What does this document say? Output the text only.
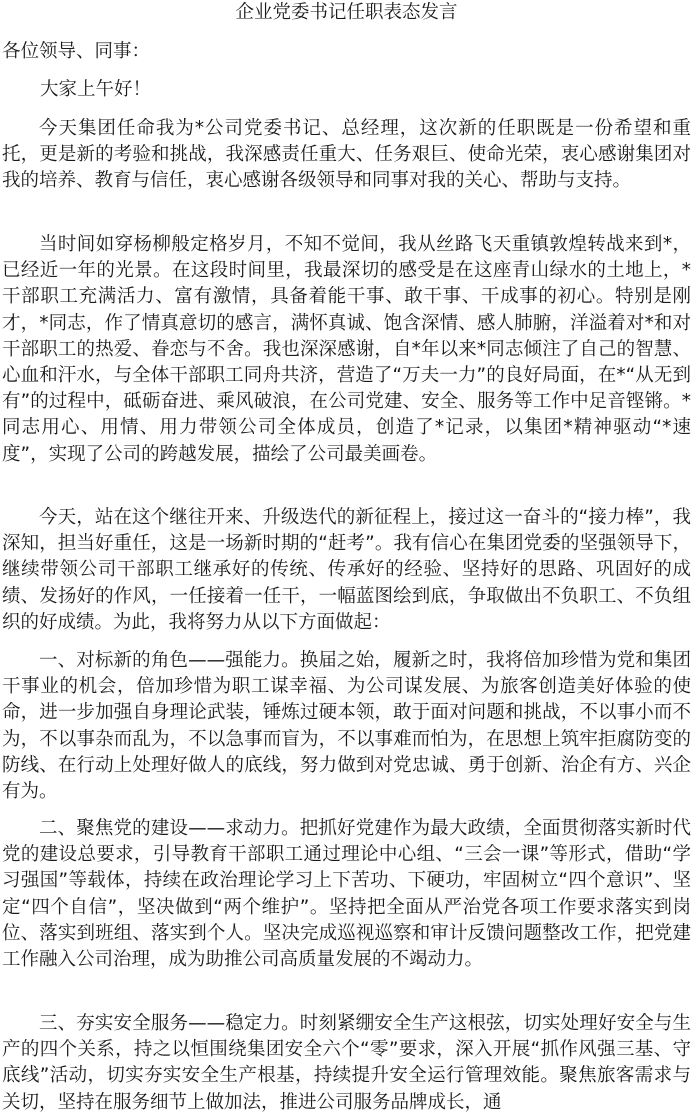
企业党委书记任职表态发言

各位领导、同事：

大家上午好！

今天集团任命我为*公司党委书记、总经理，这次新的任职既是一份希望和重托，更是新的考验和挑战，我深感责任重大、任务艰巨、使命光荣，衷心感谢集团对我的培养、教育与信任，衷心感谢各级领导和同事对我的关心、帮助与支持。

当时间如穿杨柳般定格岁月，不知不觉间，我从丝路飞天重镇敦煌转战来到*，已经近一年的光景。在这段时间里，我最深切的感受是在这座青山绿水的土地上，*干部职工充满活力、富有激情，具备着能干事、敢干事、干成事的初心。特别是刚才，*同志，作了情真意切的感言，满怀真诚、饱含深情、感人肺腑，洋溢着对*和对干部职工的热爱、眷恋与不舍。我也深深感谢，自*年以来*同志倾注了自己的智慧、心血和汗水，与全体干部职工同舟共济，营造了“万夫一力”的良好局面，在*“从无到有”的过程中，砥砺奋进、乘风破浪，在公司党建、安全、服务等工作中足音铿锵。*同志用心、用情、用力带领公司全体成员，创造了*记录，以集团*精神驱动“*速度”，实现了公司的跨越发展，描绘了公司最美画卷。

今天，站在这个继往开来、升级迭代的新征程上，接过这一奋斗的“接力棒”，我深知，担当好重任，这是一场新时期的“赶考”。我有信心在集团党委的坚强领导下，继续带领公司干部职工继承好的传统、传承好的经验、坚持好的思路、巩固好的成绩、发扬好的作风，一任接着一任干，一幅蓝图绘到底，争取做出不负职工、不负组织的好成绩。为此，我将努力从以下方面做起：

一、对标新的角色——强能力。换届之始，履新之时，我将倍加珍惜为党和集团干事业的机会，倍加珍惜为职工谋幸福、为公司谋发展、为旅客创造美好体验的使命，进一步加强自身理论武装，锤炼过硬本领，敢于面对问题和挑战，不以事小而不为，不以事杂而乱为，不以急事而盲为，不以事难而怕为，在思想上筑牢拒腐防变的防线、在行动上处理好做人的底线，努力做到对党忠诚、勇于创新、治企有方、兴企有为。

二、聚焦党的建设——求动力。把抓好党建作为最大政绩，全面贯彻落实新时代党的建设总要求，引导教育干部职工通过理论中心组、“三会一课”等形式，借助“学习强国”等载体，持续在政治理论学习上下苦功、下硬功，牢固树立“四个意识”、坚定“四个自信”，坚决做到“两个维护”。坚持把全面从严治党各项工作要求落实到岗位、落实到班组、落实到个人。坚决完成巡视巡察和审计反馈问题整改工作，把党建工作融入公司治理，成为助推公司高质量发展的不竭动力。

三、夯实安全服务——稳定力。时刻紧绷安全生产这根弦，切实处理好安全与生产的四个关系，持之以恒围绕集团安全六个“零”要求，深入开展“抓作风强三基、守底线”活动，切实夯实安全生产根基，持续提升安全运行管理效能。聚焦旅客需求与关切，坚持在服务细节上做加法，推进公司服务品牌成长，通
